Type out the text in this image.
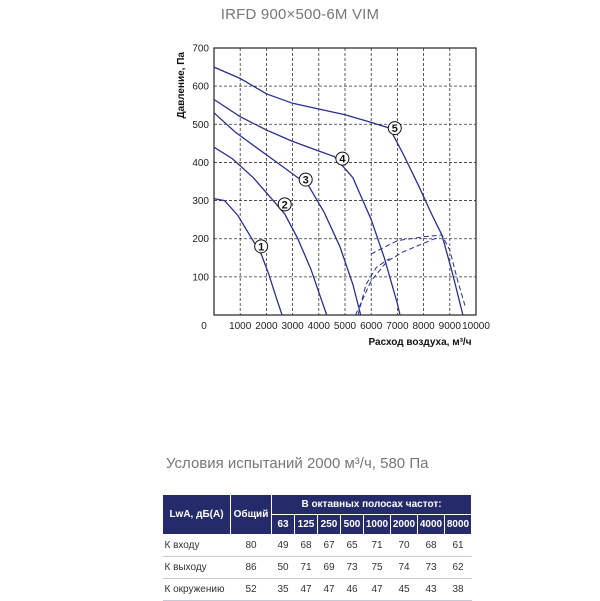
IRFD 900×500-6M VIM
0 1000 2000 3000 4000 5000 6000 7000 8000 9000 10000
100
200
300
400
500
600
700
Расход воздуха, м³/ч
Давление, Па
1
2
3
4
5
Условия испытаний 2000 м³/ч, 580 Па
LwA, дБ(А)	Общий	В октавных полосах частот:							
		63	125	250	500	1000	2000	4000	8000
К входу	80	49	68	67	65	71	70	68	61
К выходу	86	50	71	69	73	75	74	73	62
К окружению	52	35	47	47	46	47	45	43	38
